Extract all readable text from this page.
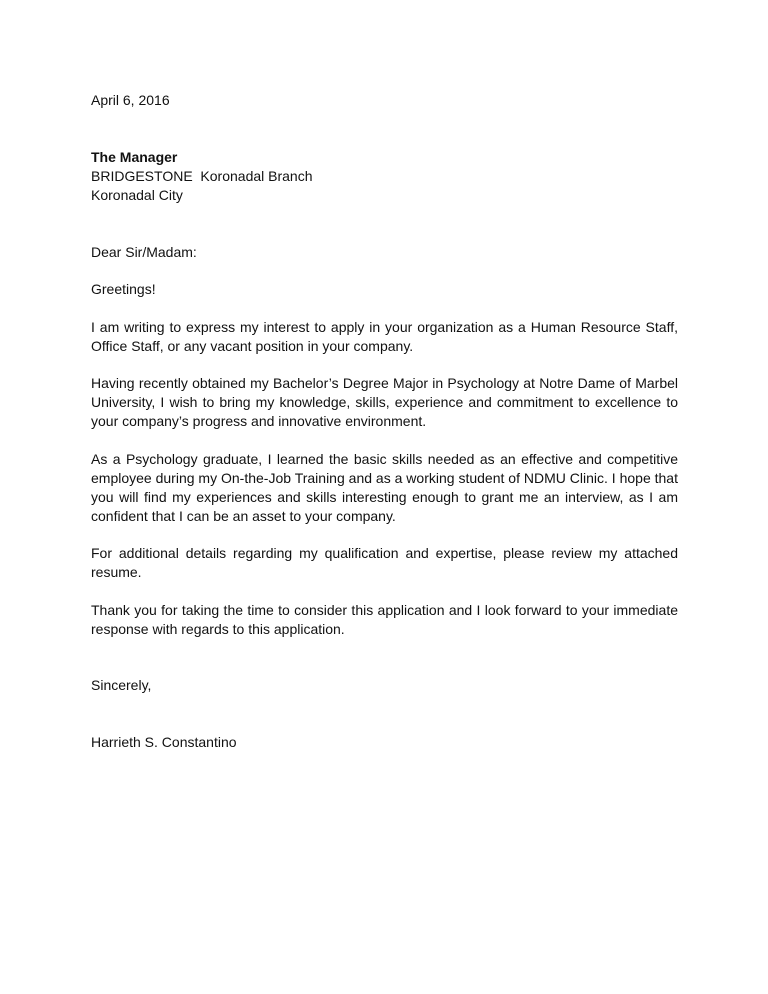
April 6, 2016

The Manager
BRIDGESTONE  Koronadal Branch
Koronadal City

Dear Sir/Madam:

Greetings!

I am writing to express my interest to apply in your organization as a Human Resource Staff, Office Staff, or any vacant position in your company.

Having recently obtained my Bachelor’s Degree Major in Psychology at Notre Dame of Marbel University, I wish to bring my knowledge, skills, experience and commitment to excellence to your company’s progress and innovative environment.

As a Psychology graduate, I learned the basic skills needed as an effective and competitive employee during my On-the-Job Training and as a working student of NDMU Clinic. I hope that you will find my experiences and skills interesting enough to grant me an interview, as I am confident that I can be an asset to your company.

For additional details regarding my qualification and expertise, please review my attached resume.

Thank you for taking the time to consider this application and I look forward to your immediate response with regards to this application.

Sincerely,

Harrieth S. Constantino
